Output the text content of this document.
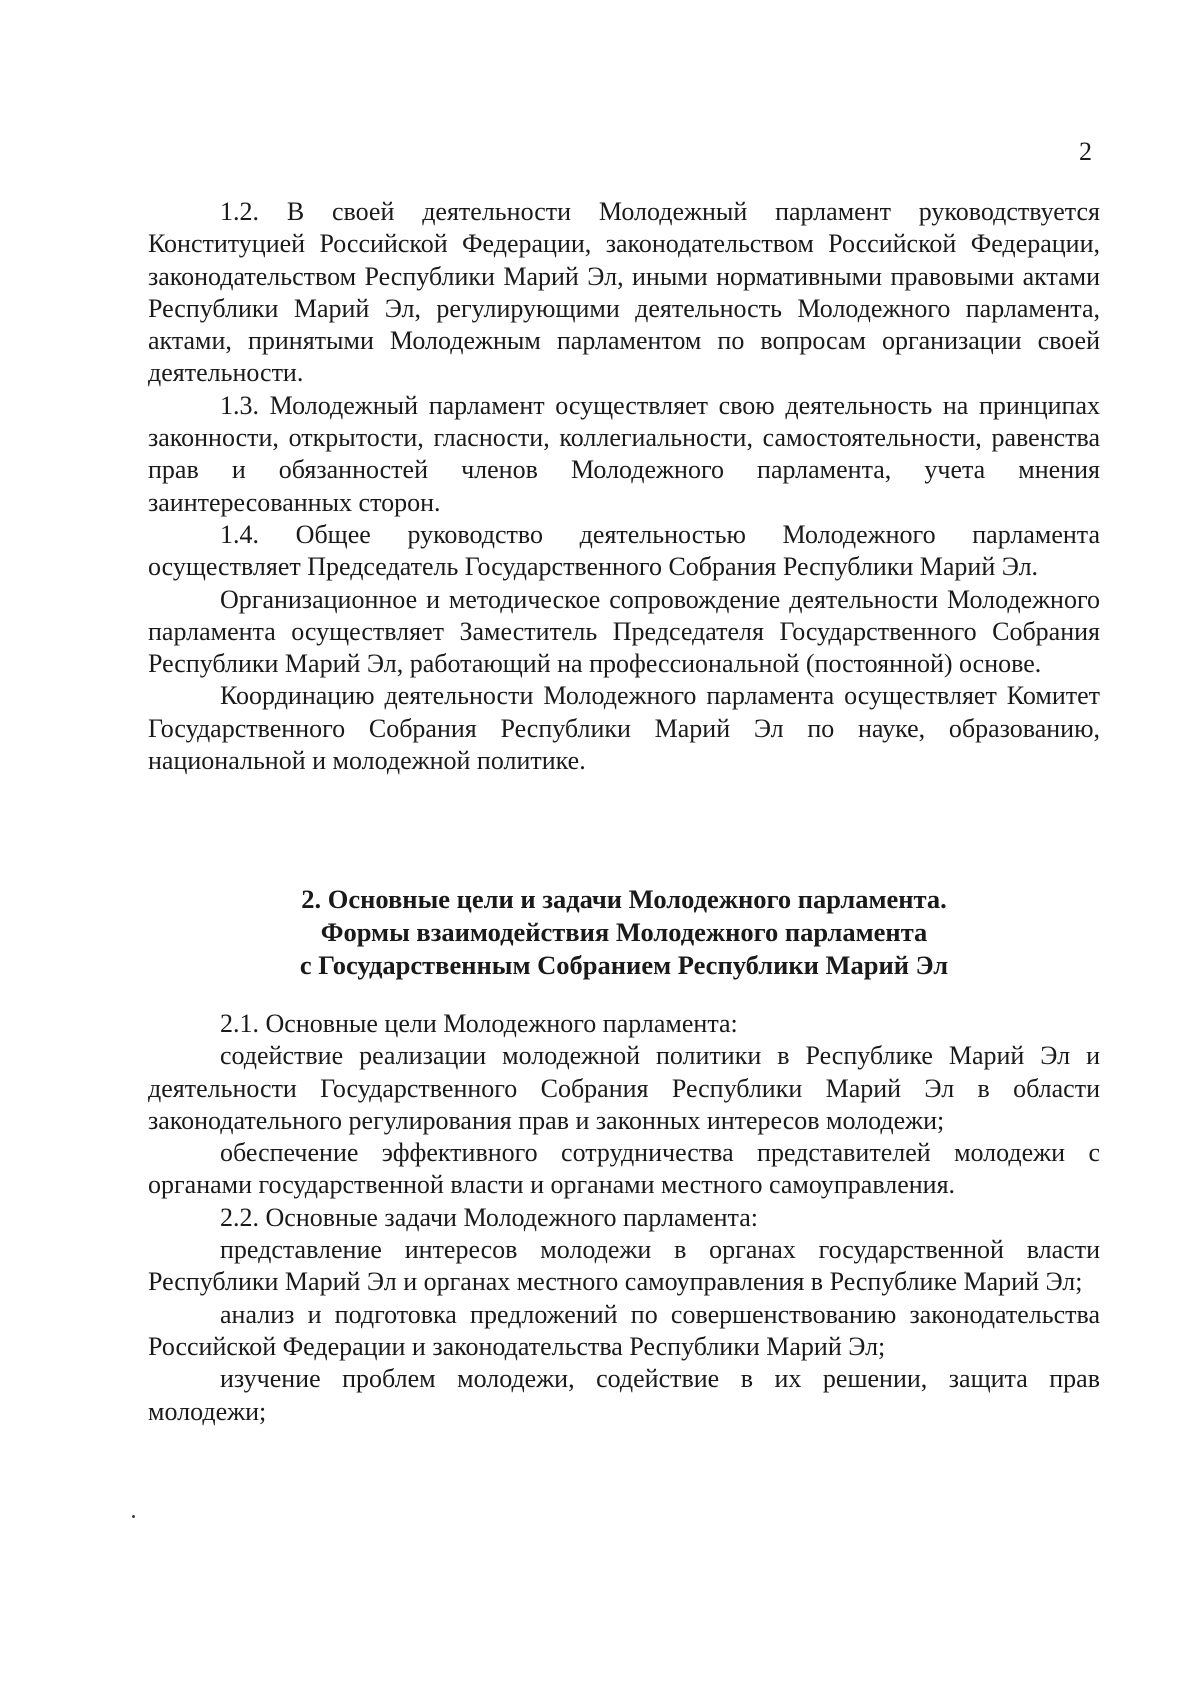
2

1.2. В своей деятельности Молодежный парламент руководствуется Конституцией Российской Федерации, законодательством Российской Федерации, законодательством Республики Марий Эл, иными нормативными правовыми актами Республики Марий Эл, регулирующими деятельность Молодежного парламента, актами, принятыми Молодежным парламентом по вопросам организации своей деятельности.

1.3. Молодежный парламент осуществляет свою деятельность на принципах законности, открытости, гласности, коллегиальности, самостоятельности, равенства прав и обязанностей членов Молодежного парламента, учета мнения заинтересованных сторон.

1.4. Общее руководство деятельностью Молодежного парламента осуществляет Председатель Государственного Собрания Республики Марий Эл.

Организационное и методическое сопровождение деятельности Молодежного парламента осуществляет Заместитель Председателя Государственного Собрания Республики Марий Эл, работающий на профессиональной (постоянной) основе.

Координацию деятельности Молодежного парламента осуществляет Комитет Государственного Собрания Республики Марий Эл по науке, образованию, национальной и молодежной политике.

2. Основные цели и задачи Молодежного парламента.
Формы взаимодействия Молодежного парламента
с Государственным Собранием Республики Марий Эл

2.1. Основные цели Молодежного парламента:

содействие реализации молодежной политики в Республике Марий Эл и деятельности Государственного Собрания Республики Марий Эл в области законодательного регулирования прав и законных интересов молодежи;

обеспечение эффективного сотрудничества представителей молодежи с органами государственной власти и органами местного самоуправления.

2.2. Основные задачи Молодежного парламента:

представление интересов молодежи в органах государственной власти Республики Марий Эл и органах местного самоуправления в Республике Марий Эл;

анализ и подготовка предложений по совершенствованию законодательства Российской Федерации и законодательства Республики Марий Эл;

изучение проблем молодежи, содействие в их решении, защита прав молодежи;
